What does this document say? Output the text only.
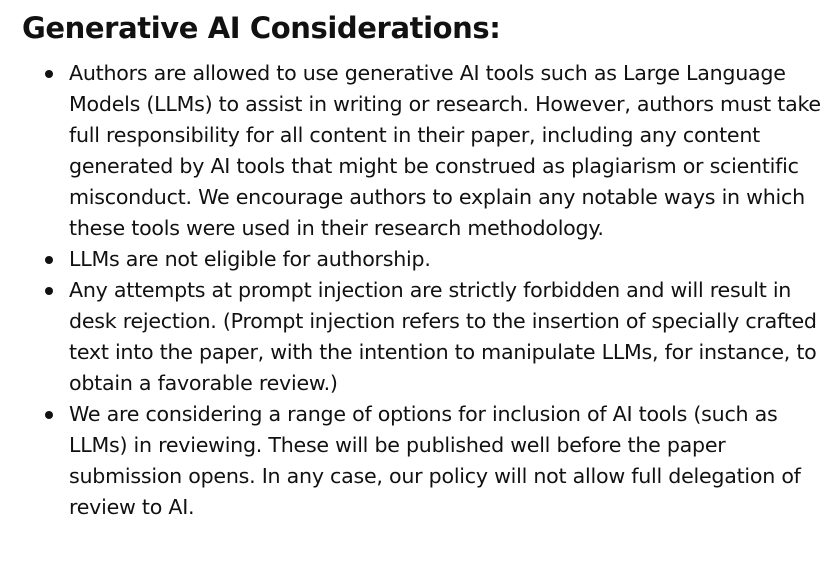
Generative AI Considerations:
Authors are allowed to use generative AI tools such as Large Language Models (LLMs) to assist in writing or research. However, authors must take full responsibility for all content in their paper, including any content generated by AI tools that might be construed as plagiarism or scientific misconduct. We encourage authors to explain any notable ways in which these tools were used in their research methodology.
LLMs are not eligible for authorship.
Any attempts at prompt injection are strictly forbidden and will result in desk rejection. (Prompt injection refers to the insertion of specially crafted text into the paper, with the intention to manipulate LLMs, for instance, to obtain a favorable review.)
We are considering a range of options for inclusion of AI tools (such as LLMs) in reviewing. These will be published well before the paper submission opens. In any case, our policy will not allow full delegation of review to AI.
